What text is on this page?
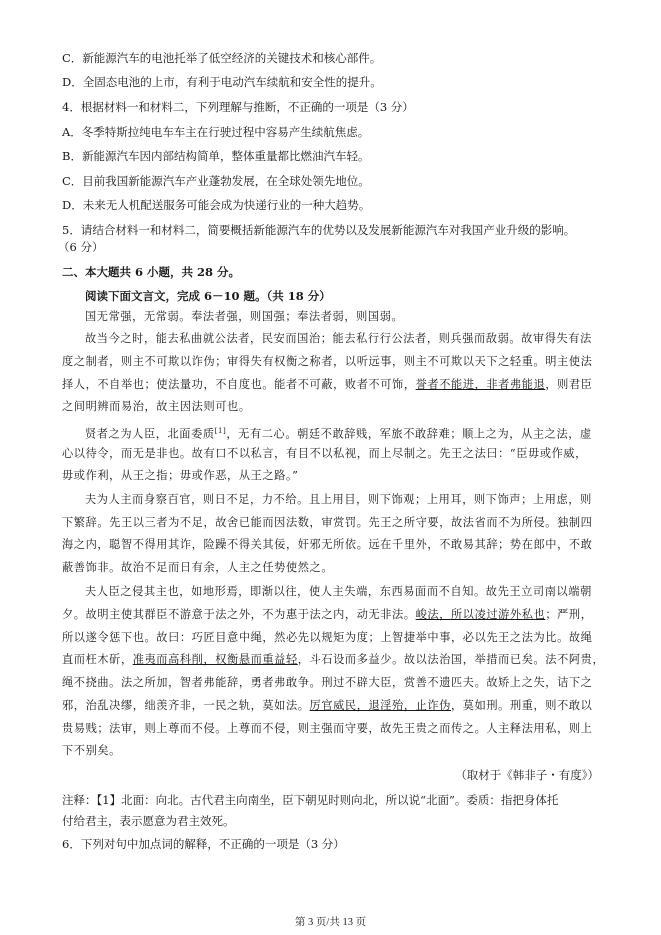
C．新能源汽车的电池托举了低空经济的关键技术和核心部件。
D．全固态电池的上市，有利于电动汽车续航和安全性的提升。
4．根据材料一和材料二，下列理解与推断，不正确的一项是（3 分）
A．冬季特斯拉纯电车车主在行驶过程中容易产生续航焦虑。
B．新能源汽车因内部结构简单，整体重量都比燃油汽车轻。
C．目前我国新能源汽车产业蓬勃发展，在全球处领先地位。
D．未来无人机配送服务可能会成为快递行业的一种大趋势。
5．请结合材料一和材料二，简要概括新能源汽车的优势以及发展新能源汽车对我国产业升级的影响。
（6 分）
二、本大题共 6 小题，共 28 分。
阅读下面文言文，完成 6－10 题。（共 18 分）
国无常强，无常弱。奉法者强，则国强；奉法者弱，则国弱。
故当今之时，能去私曲就公法者，民安而国治；能去私行行公法者，则兵强而敌弱。故审得失有法
度之制者，则主不可欺以诈伪；审得失有权衡之称者，以听远事，则主不可欺以天下之轻重。明主使法
择人，不自举也；使法量功，不自度也。能者不可蔽，败者不可饰，誉者不能进，非者弗能退，则君臣
之间明辨而易治，故主因法则可也。
贤者之为人臣，北面委质[1]，无有二心。朝廷不敢辞贱，军旅不敢辞难；顺上之为，从主之法，虚
心以待令，而无是非也。故有口不以私言，有目不以私视，而上尽制之。先王之法曰：“臣毋或作威，
毋或作利，从王之指；毋或作恶，从王之路。”
夫为人主而身察百官，则日不足，力不给。且上用目，则下饰观；上用耳，则下饰声；上用虑，则
下繁辞。先王以三者为不足，故舍已能而因法数，审赏罚。先王之所守要，故法省而不为所侵。独制四
海之内，聪智不得用其诈，险躁不得关其佞，奸邪无所依。远在千里外，不敢易其辞；势在郎中，不敢
蔽善饰非。故治不足而日有余，人主之任势使然之。
夫人臣之侵其主也，如地形焉，即渐以往，使人主失端，东西易面而不自知。故先王立司南以端朝
夕。故明主使其群臣不游意于法之外，不为惠于法之内，动无非法。峻法，所以凌过游外私也；严刑，
所以遂令惩下也。故曰：巧匠目意中绳，然必先以规矩为度；上智捷举中事，必以先王之法为比。故绳
直而枉木斫，准夷而高科削，权衡悬而重益轻，斗石设而多益少。故以法治国，举措而已矣。法不阿贵，
绳不挠曲。法之所加，智者弗能辞，勇者弗敢争。刑过不辟大臣，赏善不遗匹夫。故矫上之失，诘下之
邪，治乱决缪，绌羡齐非，一民之轨，莫如法。厉官威民，退淫殆，止诈伪，莫如刑。刑重，则不敢以
贵易贱；法审，则上尊而不侵。上尊而不侵，则主强而守要，故先王贵之而传之。人主释法用私，则上
下不别矣。
（取材于《韩非子・有度》）
注释：【1】北面：向北。古代君主向南坐，臣下朝见时则向北，所以说“北面”。委质：指把身体托
付给君主，表示愿意为君主效死。
6．下列对句中加点词的解释，不正确的一项是（3 分）
第 3 页/共 13 页
